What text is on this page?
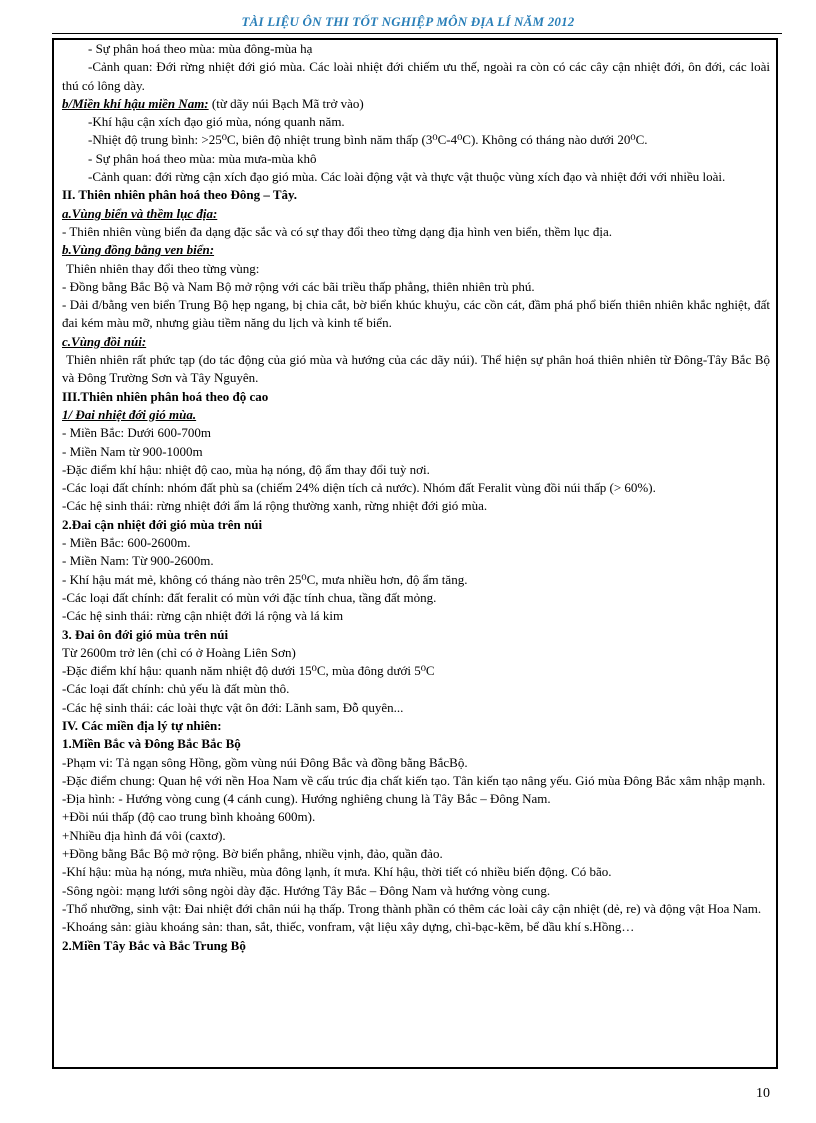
TÀI LIỆU ÔN THI TỐT NGHIỆP MÔN ĐỊA LÍ NĂM 2012
- Sự phân hoá theo mùa: mùa đông-mùa hạ
-Cảnh quan: Đới rừng nhiệt đới gió mùa. Các loài nhiệt đới chiếm ưu thế, ngoài ra còn có các cây cận nhiệt đới, ôn đới, các loài thú có lông dày.
b/Miền khí hậu miền Nam: (từ dãy núi Bạch Mã trở vào)
-Khí hậu cận xích đạo gió mùa, nóng quanh năm.
-Nhiệt độ trung bình: >25⁰C, biên độ nhiệt trung bình năm thấp (3⁰C-4⁰C). Không có tháng nào dưới 20⁰C.
- Sự phân hoá theo mùa: mùa mưa-mùa khô
-Cảnh quan: đới rừng cận xích đạo gió mùa. Các loài động vật và thực vật thuộc vùng xích đạo và nhiệt đới với nhiều loài.
II. Thiên nhiên phân hoá theo Đông – Tây.
a.Vùng biển và thềm lục địa:
- Thiên nhiên vùng biển đa dạng đặc sắc và có sự thay đổi theo từng dạng địa hình ven biển, thềm lục địa.
b.Vùng đồng bằng ven biển:
Thiên nhiên thay đổi theo từng vùng:
- Đồng bằng Bắc Bộ và Nam Bộ mở rộng với các bãi triều thấp phẳng, thiên nhiên trù phú.
- Dải đ/bằng ven biển Trung Bộ hẹp ngang, bị chia cắt, bờ biển khúc khuỷu, các cồn cát, đầm phá phổ biến thiên nhiên khắc nghiệt, đất đai kém màu mỡ, nhưng giàu tiềm năng du lịch và kinh tế biển.
c.Vùng đồi núi:
Thiên nhiên rất phức tạp (do tác động của gió mùa và hướng của các dãy núi). Thể hiện sự phân hoá thiên nhiên từ Đông-Tây Bắc Bộ và Đông Trường Sơn và Tây Nguyên.
III.Thiên nhiên phân hoá theo độ cao
1/ Đai nhiệt đới gió mùa.
- Miền Bắc: Dưới 600-700m
- Miền Nam từ 900-1000m
-Đặc điểm khí hậu: nhiệt độ cao, mùa hạ nóng, độ ẩm thay đổi tuỳ nơi.
-Các loại đất chính: nhóm đất phù sa (chiếm 24% diện tích cả nước). Nhóm đất Feralit vùng đồi núi thấp (> 60%).
-Các hệ sinh thái: rừng nhiệt đới ẩm lá rộng thường xanh, rừng nhiệt đới gió mùa.
2.Đai cận nhiệt đới gió mùa trên núi
- Miền Bắc: 600-2600m.
- Miền Nam: Từ 900-2600m.
- Khí hậu mát mẻ, không có tháng nào trên 25⁰C, mưa nhiều hơn, độ ẩm tăng.
-Các loại đất chính: đất feralit có mùn với đặc tính chua, tầng đất mỏng.
-Các hệ sinh thái: rừng cận nhiệt đới lá rộng và lá kim
3. Đai ôn đới gió mùa trên núi
Từ 2600m trở lên (chỉ có ở Hoàng Liên Sơn)
-Đặc điểm khí hậu: quanh năm nhiệt độ dưới 15⁰C, mùa đông dưới 5⁰C
-Các loại đất chính: chủ yếu là đất mùn thô.
-Các hệ sinh thái: các loài thực vật ôn đới: Lãnh sam, Đỗ quyên...
IV. Các miền địa lý tự nhiên:
1.Miền Bắc và Đông Bắc Bắc Bộ
-Phạm vi: Tả ngạn sông Hồng, gồm vùng núi Đông Bắc và đồng bằng BắcBộ.
-Đặc điểm chung: Quan hệ với nền Hoa Nam về cấu trúc địa chất kiến tạo. Tân kiến tạo nâng yếu. Gió mùa Đông Bắc xâm nhập mạnh.
-Địa hình: - Hướng vòng cung (4 cánh cung). Hướng nghiêng chung là Tây Bắc – Đông Nam.
+Đồi núi thấp (độ cao trung bình khoảng 600m).
+Nhiều địa hình đá vôi (caxtơ).
+Đồng bằng Bắc Bộ mở rộng. Bờ biển phẳng, nhiều vịnh, đảo, quần đảo.
-Khí hậu: mùa hạ nóng, mưa nhiều, mùa đông lạnh, ít mưa. Khí hậu, thời tiết có nhiều biến động. Có bão.
-Sông ngòi: mạng lưới sông ngòi dày đặc. Hướng Tây Bắc – Đông Nam và hướng vòng cung.
-Thổ nhưỡng, sinh vật: Đai nhiệt đới chân núi hạ thấp. Trong thành phần có thêm các loài cây cận nhiệt (dẻ, re) và động vật Hoa Nam.
-Khoáng sản: giàu khoáng sản: than, sắt, thiếc, vonfram, vật liệu xây dựng, chì-bạc-kẽm, bể dầu khí s.Hồng…
2.Miền Tây Bắc và Bắc Trung Bộ
10
